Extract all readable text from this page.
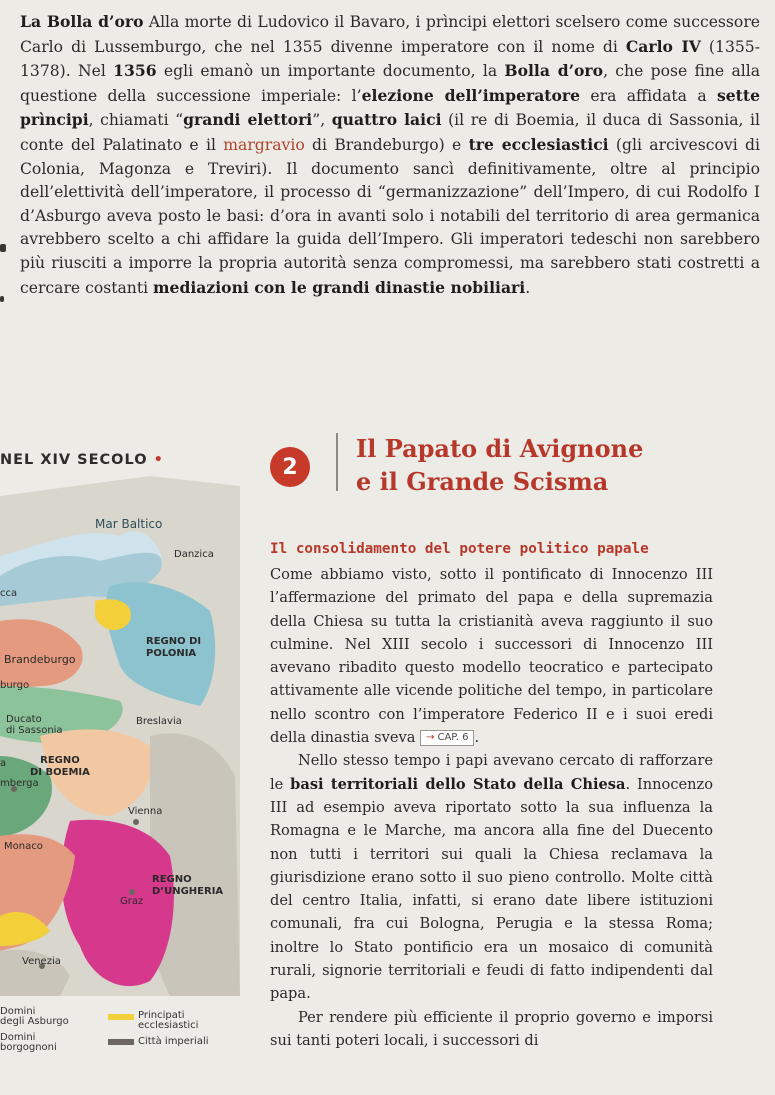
La Bolla d’oro Alla morte di Ludovico il Bavaro, i prìncipi elettori scelsero come successore Carlo di Lussemburgo, che nel 1355 divenne imperatore con il nome di Carlo IV (1355-1378). Nel 1356 egli emanò un importante documento, la Bolla d’oro, che pose fine alla questione della successione imperiale: l’elezione dell’imperatore era affidata a sette prìncipi, chiamati “grandi elettori”, quattro laici (il re di Boemia, il duca di Sassonia, il conte del Palatinato e il margravio di Brandeburgo) e tre ecclesiastici (gli arcivescovi di Colonia, Magonza e Treviri). Il documento sancì definitivamente, oltre al principio dell’elettività dell’imperatore, il processo di “germanizzazione” dell’Impero, di cui Rodolfo I d’Asburgo aveva posto le basi: d’ora in avanti solo i notabili del territorio di area germanica avrebbero scelto a chi affidare la guida dell’Impero. Gli imperatori tedeschi non sarebbero più riusciti a imporre la propria autorità senza compromessi, ma sarebbero stati costretti a cercare costanti mediazioni con le grandi dinastie nobiliari.

Mar Baltico
Danzica
cca
REGNO DI
POLONIA
Brandeburgo
burgo
Ducato
di Sassonia
Breslavia
REGNO
DI BOEMIA
a
mberga
Vienna
Monaco
REGNO
D’UNGHERIA
Graz
Venezia
Domini
degli Asburgo
Principati
ecclesiastici
Domini
borgognoni
Città imperiali
NEL XIV SECOLO •	2
Il Papato di Avignone e il Grande Scisma
Il consolidamento del potere politico papale

Come abbiamo visto, sotto il pontificato di Innocenzo III l’affermazione del primato del papa e della supremazia della Chiesa su tutta la cristianità aveva raggiunto il suo culmine. Nel XIII secolo i successori di Innocenzo III avevano ribadito questo modello teocratico e partecipato attivamente alle vicende politiche del tempo, in particolare nello scontro con l’imperatore Federico II e i suoi eredi della dinastia sveva → CAP. 6 .

Nello stesso tempo i papi avevano cercato di rafforzare le basi territoriali dello Stato della Chiesa. Innocenzo III ad esempio aveva riportato sotto la sua influenza la Romagna e le Marche, ma ancora alla fine del Duecento non tutti i territori sui quali la Chiesa reclamava la giurisdizione erano sotto il suo pieno controllo. Molte città del centro Italia, infatti, si erano date libere istituzioni comunali, fra cui Bologna, Perugia e la stessa Roma; inoltre lo Stato pontificio era un mosaico di comunità rurali, signorie territoriali e feudi di fatto indipendenti dal papa.

Per rendere più efficiente il proprio governo e imporsi sui tanti poteri locali, i successori di
